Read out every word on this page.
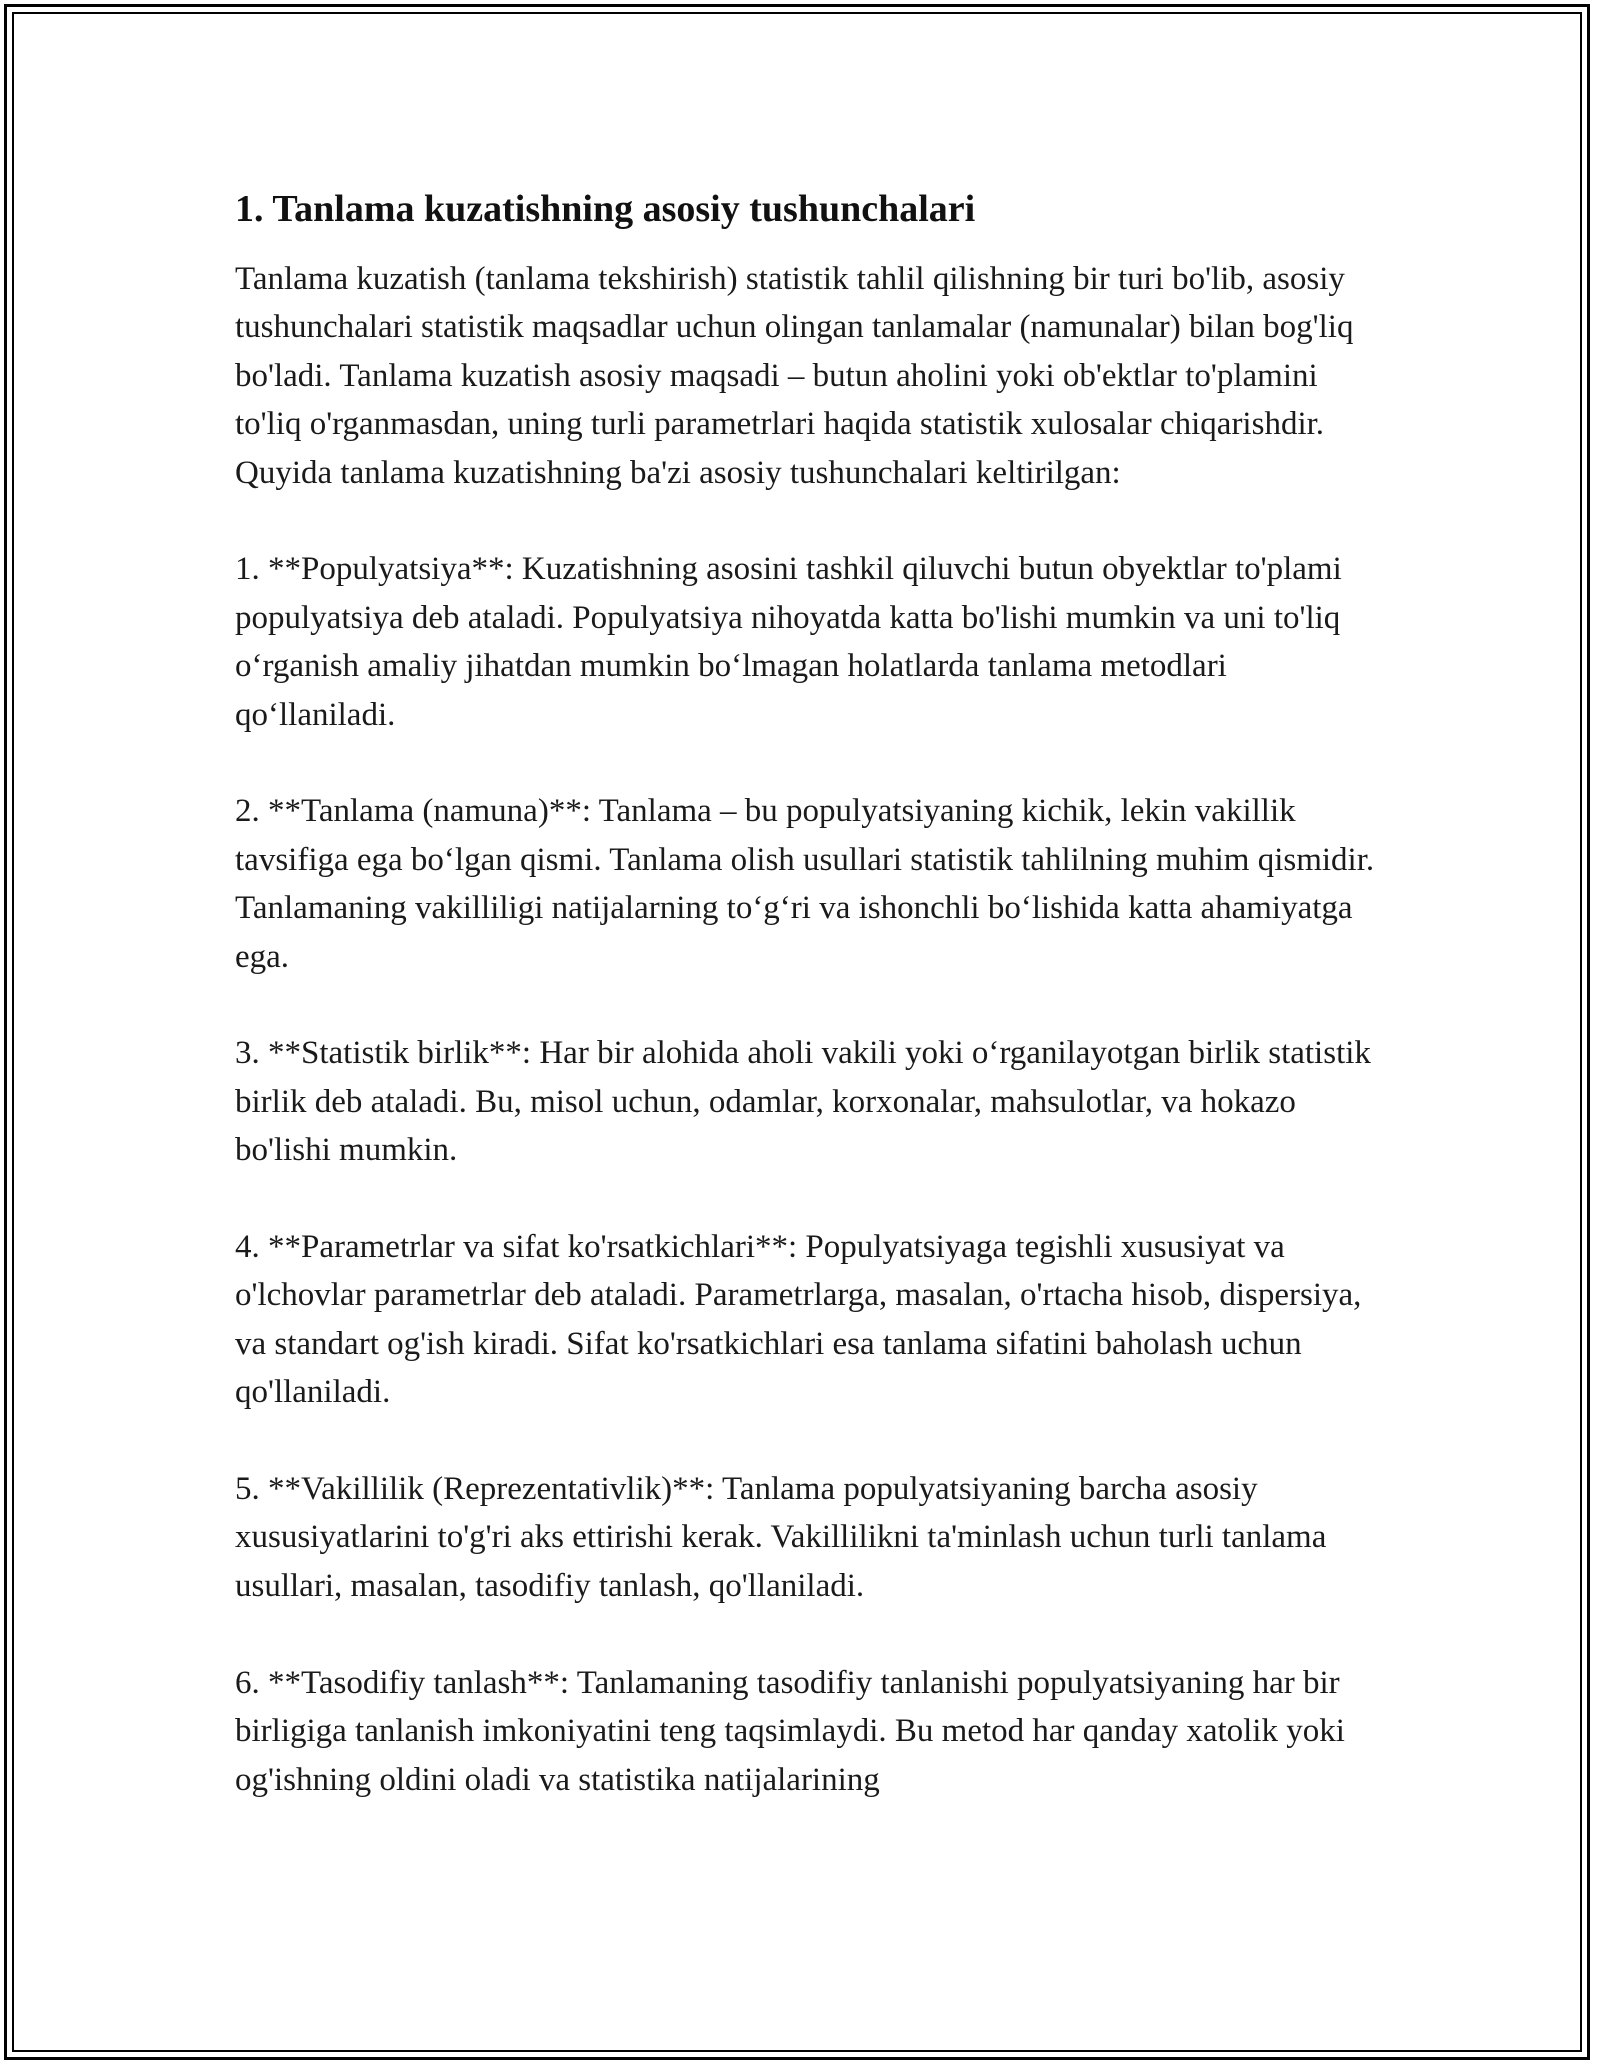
1. Tanlama kuzatishning asosiy tushunchalari

Tanlama kuzatish (tanlama tekshirish) statistik tahlil qilishning bir turi bo'lib, asosiy tushunchalari statistik maqsadlar uchun olingan tanlamalar (namunalar) bilan bog'liq bo'ladi. Tanlama kuzatish asosiy maqsadi – butun aholini yoki ob'ektlar to'plamini to'liq o'rganmasdan, uning turli parametrlari haqida statistik xulosalar chiqarishdir. Quyida tanlama kuzatishning ba'zi asosiy tushunchalari keltirilgan:

1. **Populyatsiya**: Kuzatishning asosini tashkil qiluvchi butun obyektlar to'plami populyatsiya deb ataladi. Populyatsiya nihoyatda katta bo'lishi mumkin va uni to'liq o‘rganish amaliy jihatdan mumkin bo‘lmagan holatlarda tanlama metodlari qo‘llaniladi.

2. **Tanlama (namuna)**: Tanlama – bu populyatsiyaning kichik, lekin vakillik tavsifiga ega bo‘lgan qismi. Tanlama olish usullari statistik tahlilning muhim qismidir. Tanlamaning vakilliligi natijalarning to‘g‘ri va ishonchli bo‘lishida katta ahamiyatga ega.

3. **Statistik birlik**: Har bir alohida aholi vakili yoki o‘rganilayotgan birlik statistik birlik deb ataladi. Bu, misol uchun, odamlar, korxonalar, mahsulotlar, va hokazo bo'lishi mumkin.

4. **Parametrlar va sifat ko'rsatkichlari**: Populyatsiyaga tegishli xususiyat va o'lchovlar parametrlar deb ataladi. Parametrlarga, masalan, o'rtacha hisob, dispersiya, va standart og'ish kiradi. Sifat ko'rsatkichlari esa tanlama sifatini baholash uchun qo'llaniladi.

5. **Vakillilik (Reprezentativlik)**: Tanlama populyatsiyaning barcha asosiy xususiyatlarini to'g'ri aks ettirishi kerak. Vakillilikni ta'minlash uchun turli tanlama usullari, masalan, tasodifiy tanlash, qo'llaniladi.

6. **Tasodifiy tanlash**: Tanlamaning tasodifiy tanlanishi populyatsiyaning har bir birligiga tanlanish imkoniyatini teng taqsimlaydi. Bu metod har qanday xatolik yoki og'ishning oldini oladi va statistika natijalarining
